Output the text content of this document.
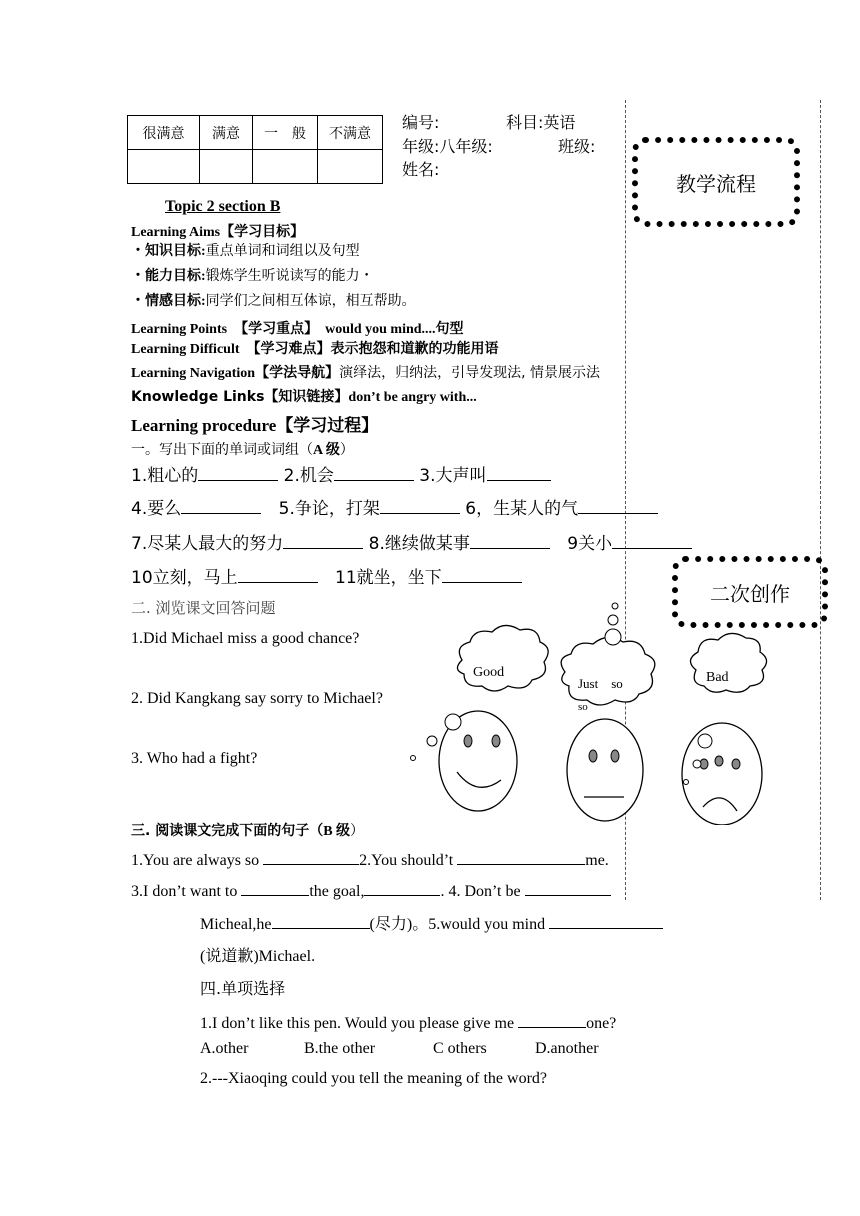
很满意	满意	一　般	不满意

编号:	科目:英语
年级:八年级:	班级:
姓名:
教学流程
二次创作
Topic 2 section B
Learning Aims【学习目标】
・知识目标:重点单词和词组以及句型
・能力目标:锻炼学生听说读写的能力・
・情感目标:同学们之间相互体谅，相互帮助。
Learning Points　【学习重点】　 would you mind....句型
Learning Difficult　【学习难点】表示抱怨和道歉的功能用语
Learning Navigation【学法导航】演绎法，归纳法，引导发现法, 情景展示法
Knowledge Links【知识链接】don’t be angry with...
Learning procedure【学习过程】
一。写出下面的单词或词组（A 级）
1.粗心的	2.机会	3.大声叫
4.要么	5.争论，打架	6，生某人的气
7.尽某人最大的努力	8.继续做某事	9关小
10立刻，马上	11就坐，坐下
二. 浏览课文回答问题
1.Did Michael miss a good chance?
2. Did Kangkang say sorry to Michael?
3. Who had a fight?
Good
Just　so
so
Bad
三. 阅读课文完成下面的句子（B 级）
1.You are always so	2.You should’t	me.
3.I don’t want to	the goal,	. 4. Don’t be
Micheal,he	(尽力)。5.would you mind
(说道歉)Michael.
四.单项选择
1.I don’t like this pen. Would you please give me	one?
A.other	B.the other	C others	D.another
2.---Xiaoqing could you tell the meaning of the word?
